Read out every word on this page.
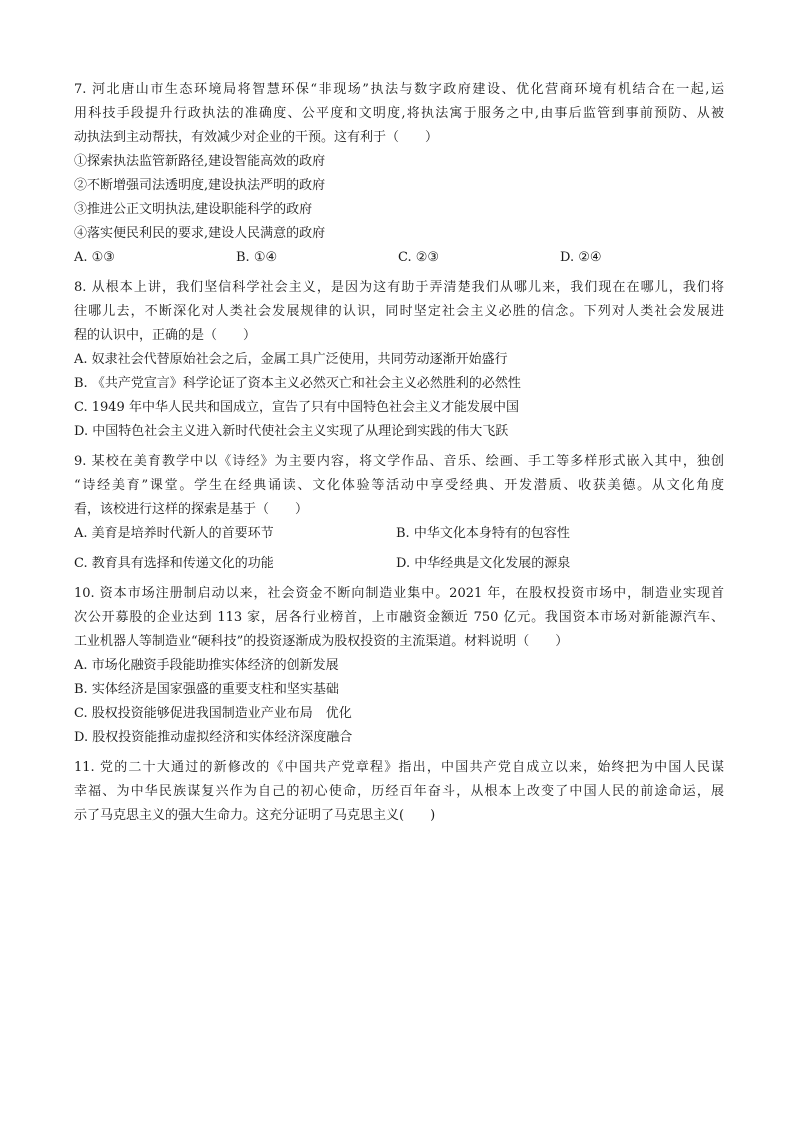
7. 河北唐山市生态环境局将智慧环保“非现场”执法与数字政府建设、优化营商环境有机结合在一起,运
用科技手段提升行政执法的准确度、公平度和文明度,将执法寓于服务之中,由事后监管到事前预防、从被
动执法到主动帮扶，有效减少对企业的干预。这有利于（　　）
①探索执法监管新路径,建设智能高效的政府
②不断增强司法透明度,建设执法严明的政府
③推进公正文明执法,建设职能科学的政府
④落实便民利民的要求,建设人民满意的政府
A. ①③	B. ①④	C. ②③	D. ②④
8. 从根本上讲，我们坚信科学社会主义，是因为这有助于弄清楚我们从哪儿来，我们现在在哪儿，我们将
往哪儿去，不断深化对人类社会发展规律的认识，同时坚定社会主义必胜的信念。下列对人类社会发展进
程的认识中，正确的是（　　）
A. 奴隶社会代替原始社会之后，金属工具广泛使用，共同劳动逐渐开始盛行
B. 《共产党宣言》科学论证了资本主义必然灭亡和社会主义必然胜利的必然性
C. 1949 年中华人民共和国成立，宣告了只有中国特色社会主义才能发展中国
D. 中国特色社会主义进入新时代使社会主义实现了从理论到实践的伟大飞跃
9. 某校在美育教学中以《诗经》为主要内容，将文学作品、音乐、绘画、手工等多样形式嵌入其中，独创
“诗经美育”课堂。学生在经典诵读、文化体验等活动中享受经典、开发潜质、收获美德。从文化角度
看，该校进行这样的探索是基于（　　）
A. 美育是培养时代新人的首要环节	B. 中华文化本身特有的包容性
C. 教育具有选择和传递文化的功能	D. 中华经典是文化发展的源泉
10. 资本市场注册制启动以来，社会资金不断向制造业集中。2021 年，在股权投资市场中，制造业实现首
次公开募股的企业达到 113 家，居各行业榜首，上市融资金额近 750 亿元。我国资本市场对新能源汽车、
工业机器人等制造业“硬科技”的投资逐渐成为股权投资的主流渠道。材料说明（　　）
A. 市场化融资手段能助推实体经济的创新发展
B. 实体经济是国家强盛的重要支柱和坚实基础
C. 股权投资能够促进我国制造业产业布局　优化
D. 股权投资能推动虚拟经济和实体经济深度融合
11. 党的二十大通过的新修改的《中国共产党章程》指出，中国共产党自成立以来，始终把为中国人民谋
幸福、为中华民族谋复兴作为自己的初心使命，历经百年奋斗，从根本上改变了中国人民的前途命运，展
示了马克思主义的强大生命力。这充分证明了马克思主义(　　)
